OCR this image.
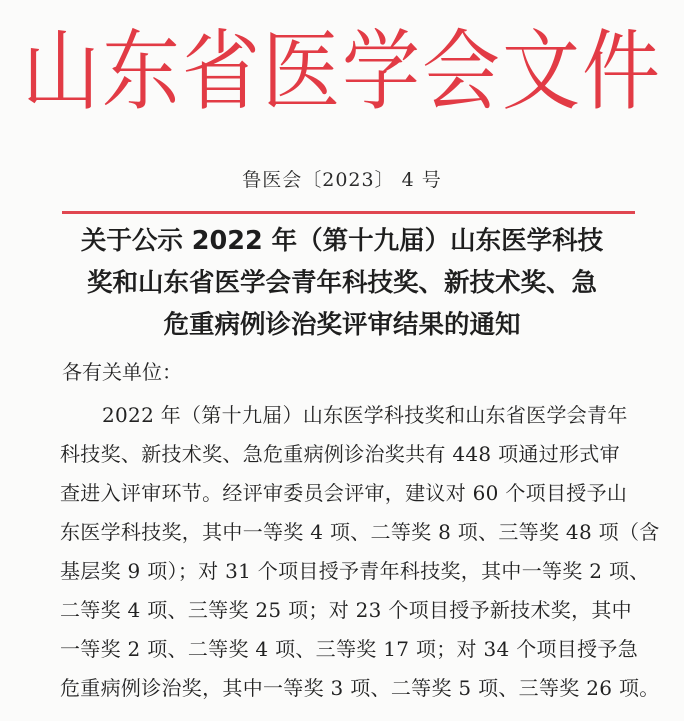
山东省医学会文件
鲁医会〔2023〕 4 号
关于公示 2022 年（第十九届）山东医学科技
奖和山东省医学会青年科技奖、新技术奖、急
危重病例诊治奖评审结果的通知
各有关单位：
2022 年（第十九届）山东医学科技奖和山东省医学会青年
科技奖、新技术奖、急危重病例诊治奖共有 448 项通过形式审
查进入评审环节。经评审委员会评审，建议对 60 个项目授予山
东医学科技奖，其中一等奖 4 项、二等奖 8 项、三等奖 48 项（含
基层奖 9 项）；对 31 个项目授予青年科技奖，其中一等奖 2 项、
二等奖 4 项、三等奖 25 项；对 23 个项目授予新技术奖，其中
一等奖 2 项、二等奖 4 项、三等奖 17 项；对 34 个项目授予急
危重病例诊治奖，其中一等奖 3 项、二等奖 5 项、三等奖 26 项。
